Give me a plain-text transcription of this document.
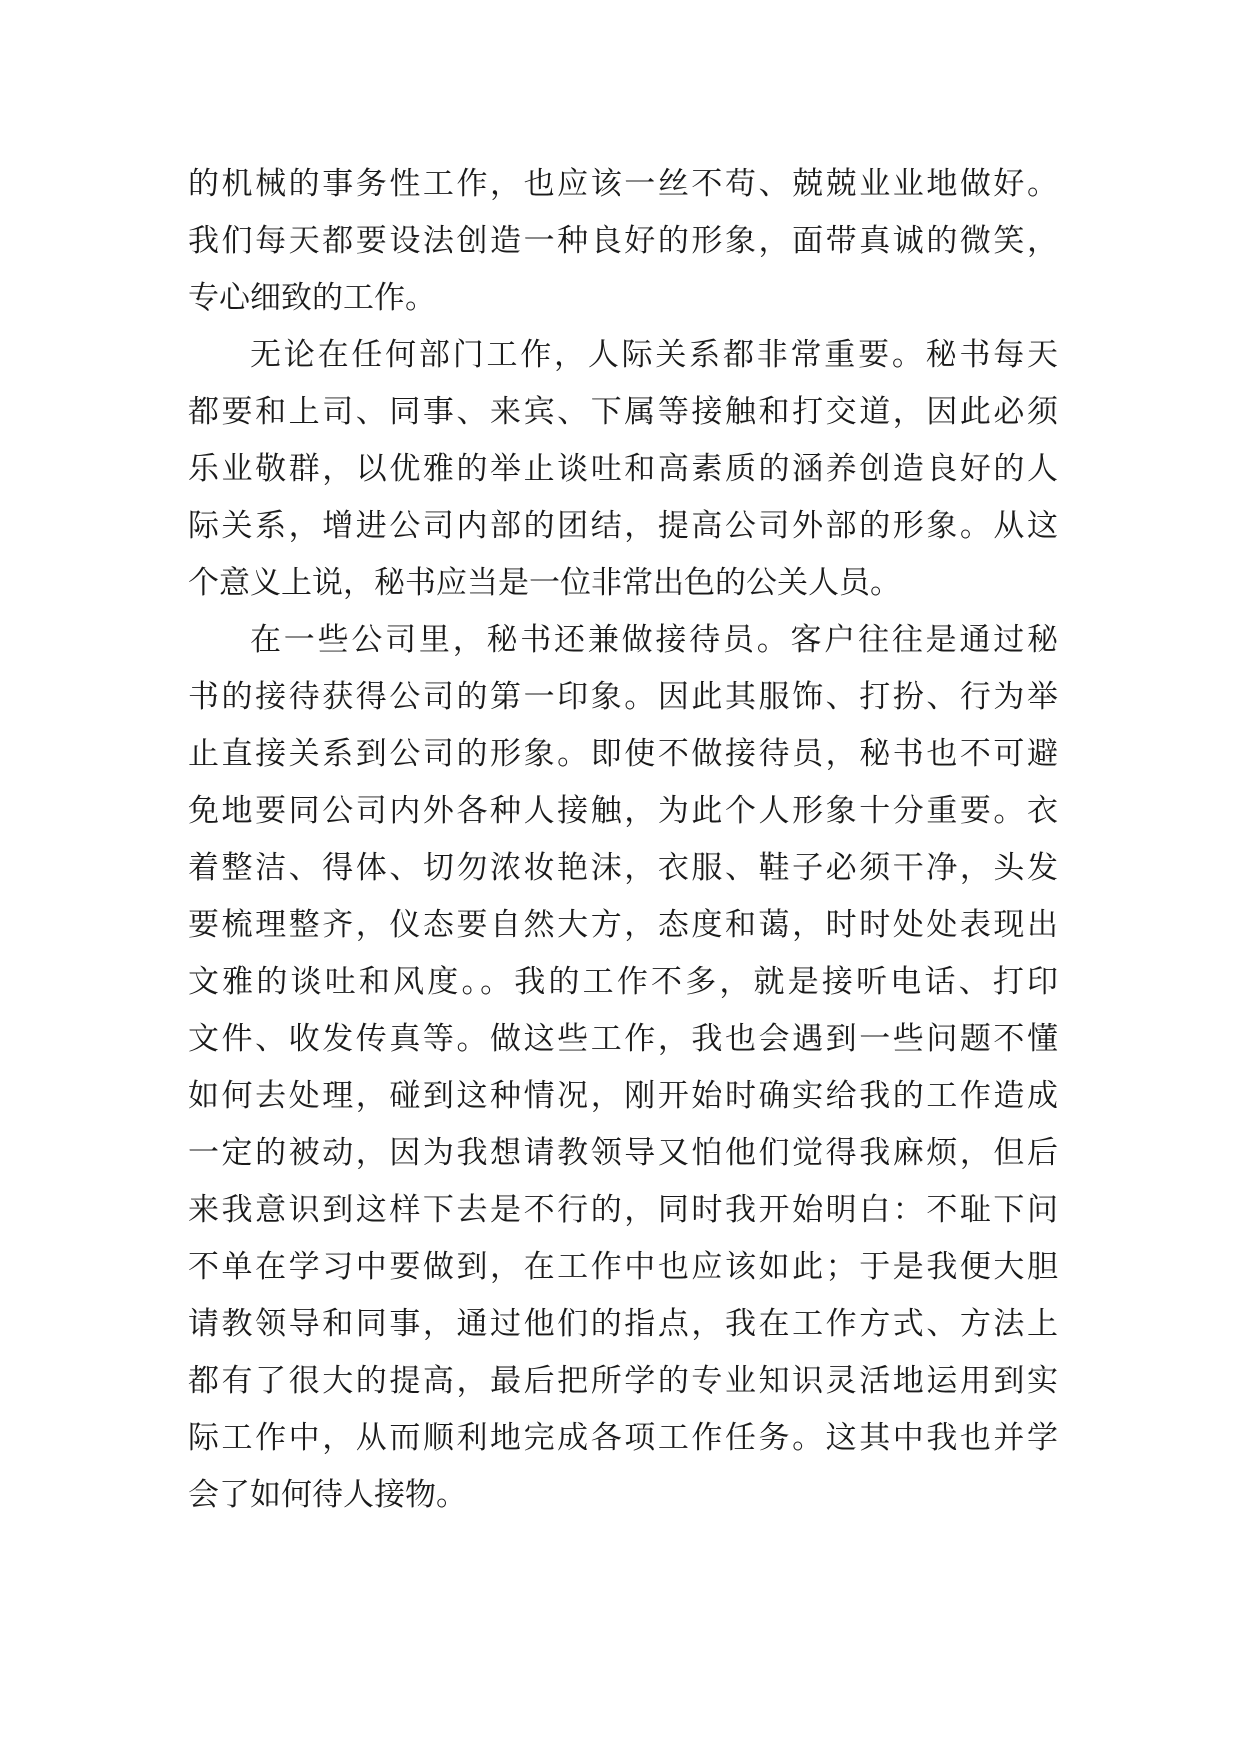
的机械的事务性工作，也应该一丝不苟、兢兢业业地做好。
我们每天都要设法创造一种良好的形象，面带真诚的微笑，
专心细致的工作。
无论在任何部门工作，人际关系都非常重要。秘书每天
都要和上司、同事、来宾、下属等接触和打交道，因此必须
乐业敬群，以优雅的举止谈吐和高素质的涵养创造良好的人
际关系，增进公司内部的团结，提高公司外部的形象。从这
个意义上说，秘书应当是一位非常出色的公关人员。
在一些公司里，秘书还兼做接待员。客户往往是通过秘
书的接待获得公司的第一印象。因此其服饰、打扮、行为举
止直接关系到公司的形象。即使不做接待员，秘书也不可避
免地要同公司内外各种人接触，为此个人形象十分重要。衣
着整洁、得体、切勿浓妆艳沫，衣服、鞋子必须干净，头发
要梳理整齐，仪态要自然大方，态度和蔼，时时处处表现出
文雅的谈吐和风度。。我的工作不多，就是接听电话、打印
文件、收发传真等。做这些工作，我也会遇到一些问题不懂
如何去处理，碰到这种情况，刚开始时确实给我的工作造成
一定的被动，因为我想请教领导又怕他们觉得我麻烦，但后
来我意识到这样下去是不行的，同时我开始明白：不耻下问
不单在学习中要做到，在工作中也应该如此；于是我便大胆
请教领导和同事，通过他们的指点，我在工作方式、方法上
都有了很大的提高，最后把所学的专业知识灵活地运用到实
际工作中，从而顺利地完成各项工作任务。这其中我也并学
会了如何待人接物。
